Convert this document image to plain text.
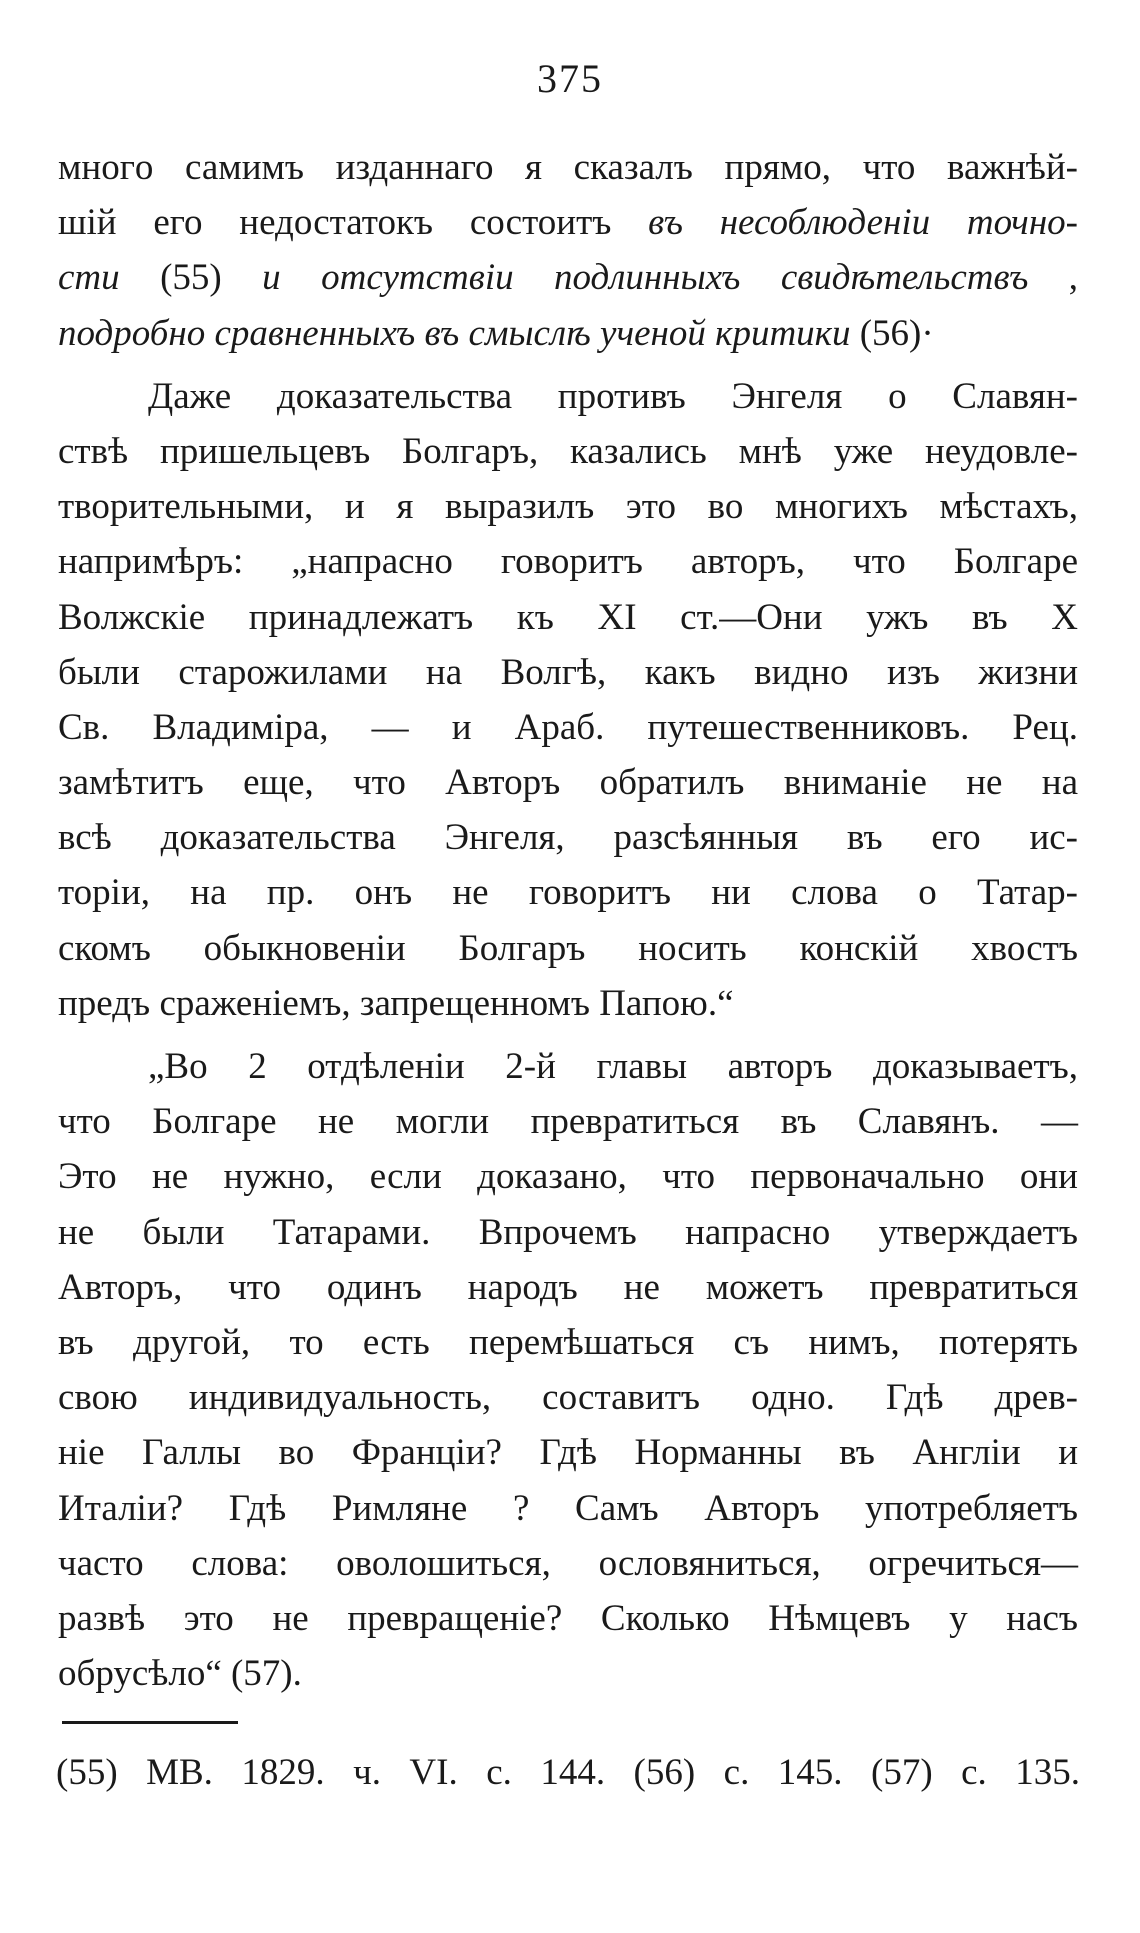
375
многo самимъ изданнаго я сказалъ прямо, что важнѣй-
шій его недостатокъ состоитъ въ несоблюденіи точно-
сти (55) и отсутствіи подлинныхъ свидѣтельствъ ,
подробно сравненныхъ въ смыслѣ ученой критики (56)·
Даже доказательства противъ Энгеля о Славян-
ствѣ пришельцевъ Болгаръ, казались мнѣ уже неудовле-
творительными, и я выразилъ это во многихъ мѣстахъ,
напримѣръ: „напрасно говоритъ авторъ, что Болгаре
Волжскіе принадлежатъ къ XI ст.—Они ужъ въ X
были старожилами на Волгѣ, какъ видно изъ жизни
Св. Владиміра, — и Араб. путешественниковъ. Рец.
замѣтитъ еще, что Авторъ обратилъ вниманіе не на
всѣ доказательства Энгеля, разсѣянныя въ его ис-
торіи, на пр. онъ не говоритъ ни слова о Татар-
скомъ обыкновеніи Болгаръ носить конскій хвостъ
предъ сраженіемъ, запрещенномъ Папою.“
„Во 2 отдѣленіи 2-й главы авторъ доказываетъ,
что Болгаре не могли превратиться въ Славянъ. —
Это не нужно, если доказано, что первоначально они
не были Татарами. Впрочемъ напрасно утверждаетъ
Авторъ, что одинъ народъ не можетъ превратиться
въ другой, то есть перемѣшаться съ нимъ, потерять
свою индивидуальность, составитъ одно. Гдѣ древ-
ніе Галлы во Франціи? Гдѣ Норманны въ Англіи и
Италіи? Гдѣ Римляне ? Самъ Авторъ употребляетъ
часто слова: оволошиться, ословяниться, огречиться—
развѣ это не превращеніе? Сколько Нѣмцевъ у насъ
обрусѣло“ (57).
(55) МВ. 1829. ч. VI. с. 144. (56) с. 145. (57) с. 135.
